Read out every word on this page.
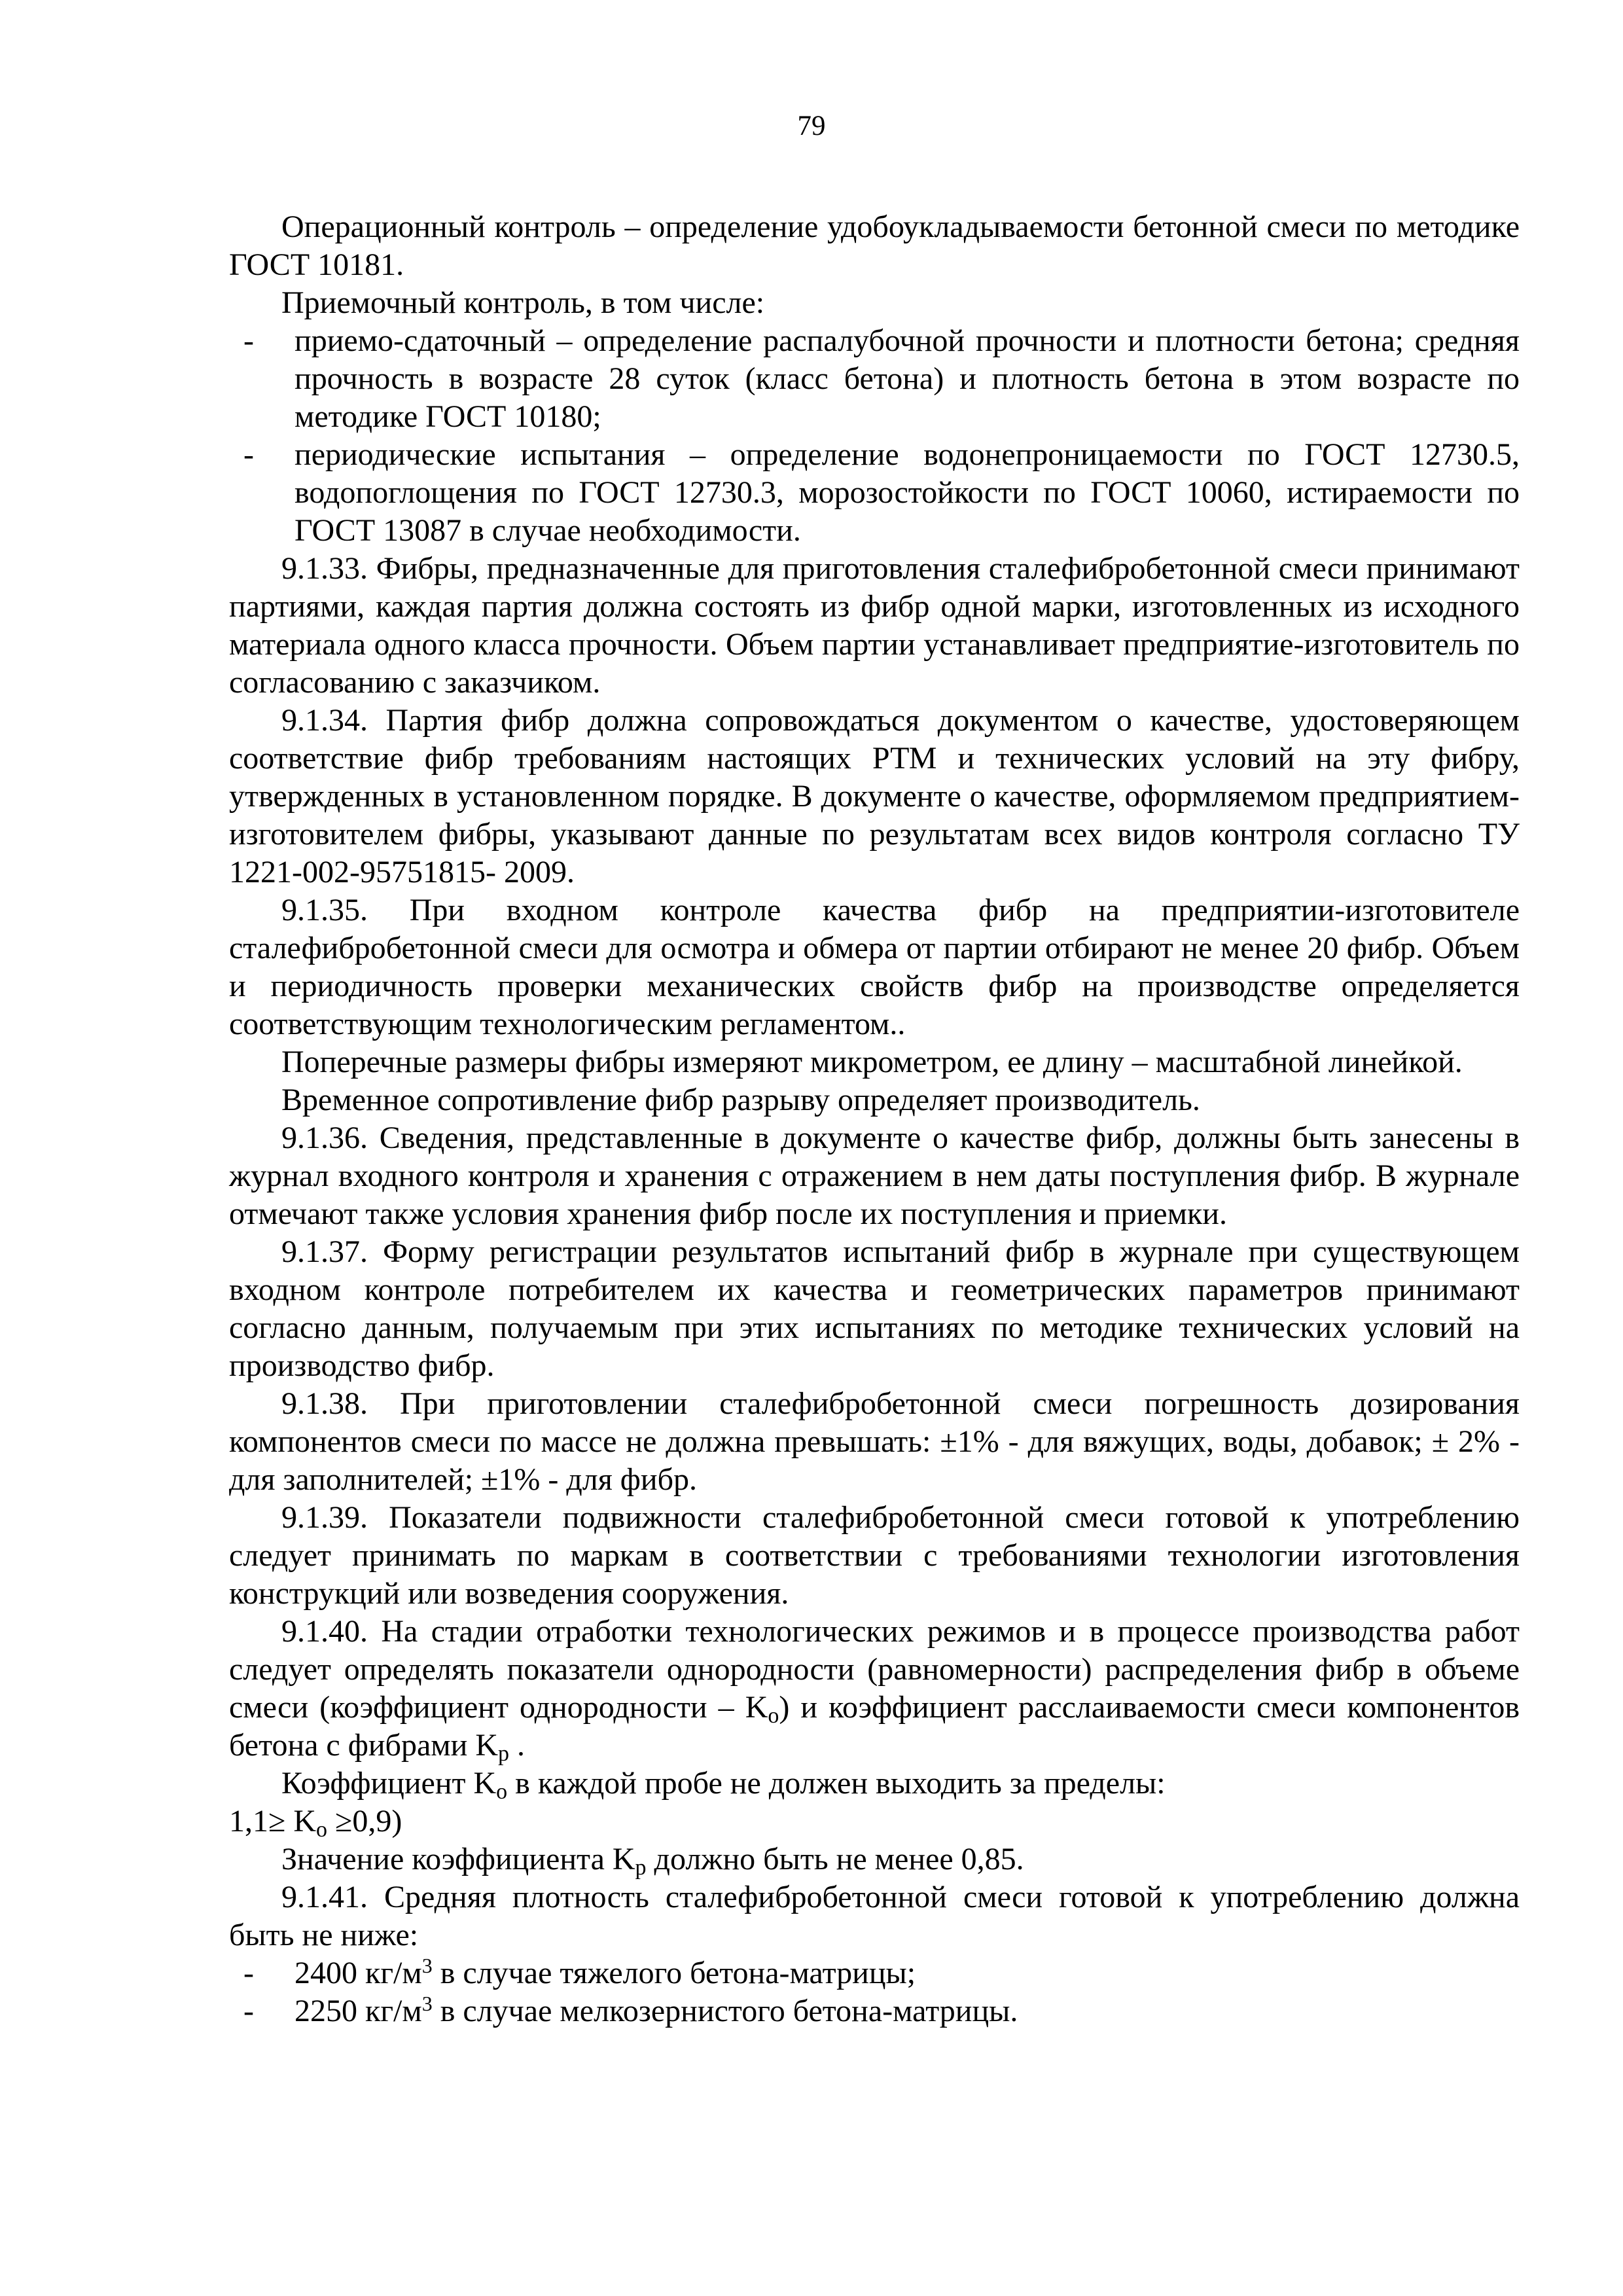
79

Операционный контроль – определение удобоукладываемости бетонной смеси по методике ГОСТ 10181.

Приемочный контроль, в том числе:

- приемо-сдаточный – определение распалубочной прочности и плотности бетона; средняя прочность в возрасте 28 суток (класс бетона) и плотность бетона в этом возрасте по методике ГОСТ 10180;
- периодические испытания – определение водонепроницаемости по ГОСТ 12730.5, водопоглощения по ГОСТ 12730.3, морозостойкости по ГОСТ 10060, истираемости по ГОСТ 13087 в случае необходимости.

9.1.33. Фибры, предназначенные для приготовления сталефибробетонной смеси принимают партиями, каждая партия должна состоять из фибр одной марки, изготовленных из исходного материала одного класса прочности. Объем партии устанавливает предприятие-изготовитель по согласованию с заказчиком.

9.1.34. Партия фибр должна сопровождаться документом о качестве, удостоверяющем соответствие фибр требованиям настоящих РТМ и технических условий на эту фибру, утвержденных в установленном порядке. В документе о качестве, оформляемом предприятием-изготовителем фибры, указывают данные по результатам всех видов контроля согласно ТУ 1221-002-95751815- 2009.

9.1.35. При входном контроле качества фибр на предприятии-изготовителе сталефибробетонной смеси для осмотра и обмера от партии отбирают не менее 20 фибр. Объем и периодичность проверки механических свойств фибр на производстве определяется соответствующим технологическим регламентом..

Поперечные размеры фибры измеряют микрометром, ее длину – масштабной линейкой.

Временное сопротивление фибр разрыву определяет производитель.

9.1.36. Сведения, представленные в документе о качестве фибр, должны быть занесены в журнал входного контроля и хранения с отражением в нем даты поступления фибр. В журнале отмечают также условия хранения фибр после их поступления и приемки.

9.1.37. Форму регистрации результатов испытаний фибр в журнале при существующем входном контроле потребителем их качества и геометрических параметров принимают согласно данным, получаемым при этих испытаниях по методике технических условий на производство фибр.

9.1.38. При приготовлении сталефибробетонной смеси погрешность дозирования компонентов смеси по массе не должна превышать: ±1% - для вяжущих, воды, добавок; ± 2% - для заполнителей; ±1% - для фибр.

9.1.39. Показатели подвижности сталефибробетонной смеси готовой к употреблению следует принимать по маркам в соответствии с требованиями технологии изготовления конструкций или возведения сооружения.

9.1.40. На стадии отработки технологических режимов и в процессе производства работ следует определять показатели однородности (равномерности) распределения фибр в объеме смеси (коэффициент однородности – $K_о$) и коэффициент расслаиваемости смеси компонентов бетона с фибрами $K_р$ .

Коэффициент $K_о$ в каждой пробе не должен выходить за пределы:

$1,1\ge K_о \ge 0,9$)

Значение коэффициента $K_р$ должно быть не менее 0,85.

9.1.41. Средняя плотность сталефибробетонной смеси готовой к употреблению должна быть не ниже:

- 2400 $кг/м^3$ в случае тяжелого бетона-матрицы;
- 2250 $кг/м^3$ в случае мелкозернистого бетона-матрицы.
